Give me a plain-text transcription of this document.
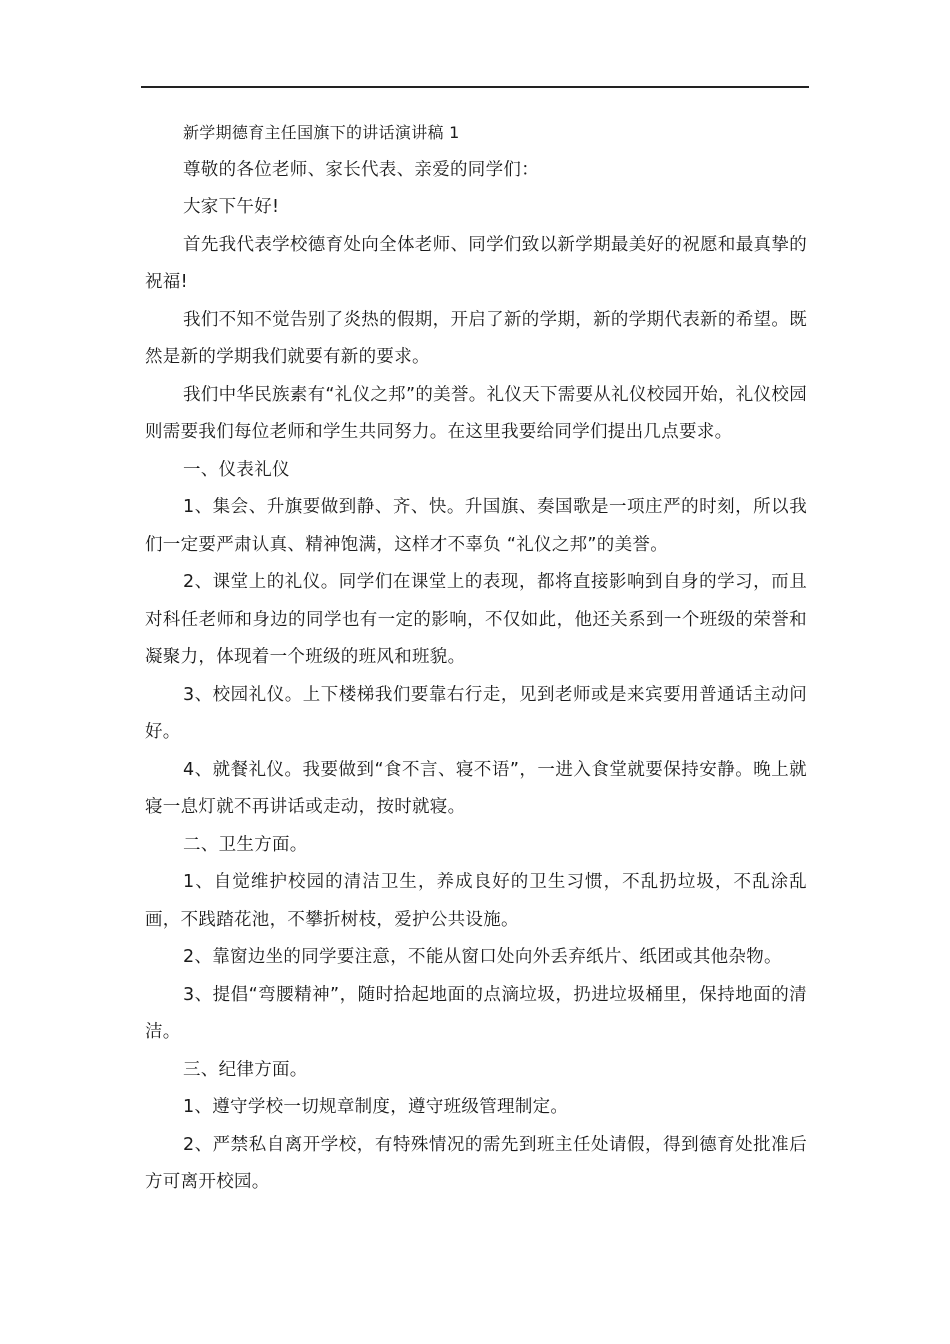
新学期德育主任国旗下的讲话演讲稿 1

尊敬的各位老师、家长代表、亲爱的同学们：

大家下午好!

首先我代表学校德育处向全体老师、同学们致以新学期最美好的祝愿和最真挚的祝福!

我们不知不觉告别了炎热的假期，开启了新的学期，新的学期代表新的希望。既然是新的学期我们就要有新的要求。

我们中华民族素有“礼仪之邦”的美誉。礼仪天下需要从礼仪校园开始，礼仪校园则需要我们每位老师和学生共同努力。在这里我要给同学们提出几点要求。

一、仪表礼仪

1、集会、升旗要做到静、齐、快。升国旗、奏国歌是一项庄严的时刻，所以我们一定要严肃认真、精神饱满，这样才不辜负 “礼仪之邦”的美誉。

2、课堂上的礼仪。同学们在课堂上的表现，都将直接影响到自身的学习，而且对科任老师和身边的同学也有一定的影响，不仅如此，他还关系到一个班级的荣誉和凝聚力，体现着一个班级的班风和班貌。

3、校园礼仪。上下楼梯我们要靠右行走，见到老师或是来宾要用普通话主动问好。

4、就餐礼仪。我要做到“食不言、寝不语”，一进入食堂就要保持安静。晚上就寝一息灯就不再讲话或走动，按时就寝。

二、卫生方面。

1、自觉维护校园的清洁卫生，养成良好的卫生习惯，不乱扔垃圾，不乱涂乱画，不践踏花池，不攀折树枝，爱护公共设施。

2、靠窗边坐的同学要注意，不能从窗口处向外丢弃纸片、纸团或其他杂物。

3、提倡“弯腰精神”，随时拾起地面的点滴垃圾，扔进垃圾桶里，保持地面的清洁。

三、纪律方面。

1、遵守学校一切规章制度，遵守班级管理制定。

2、严禁私自离开学校，有特殊情况的需先到班主任处请假，得到德育处批准后方可离开校园。
